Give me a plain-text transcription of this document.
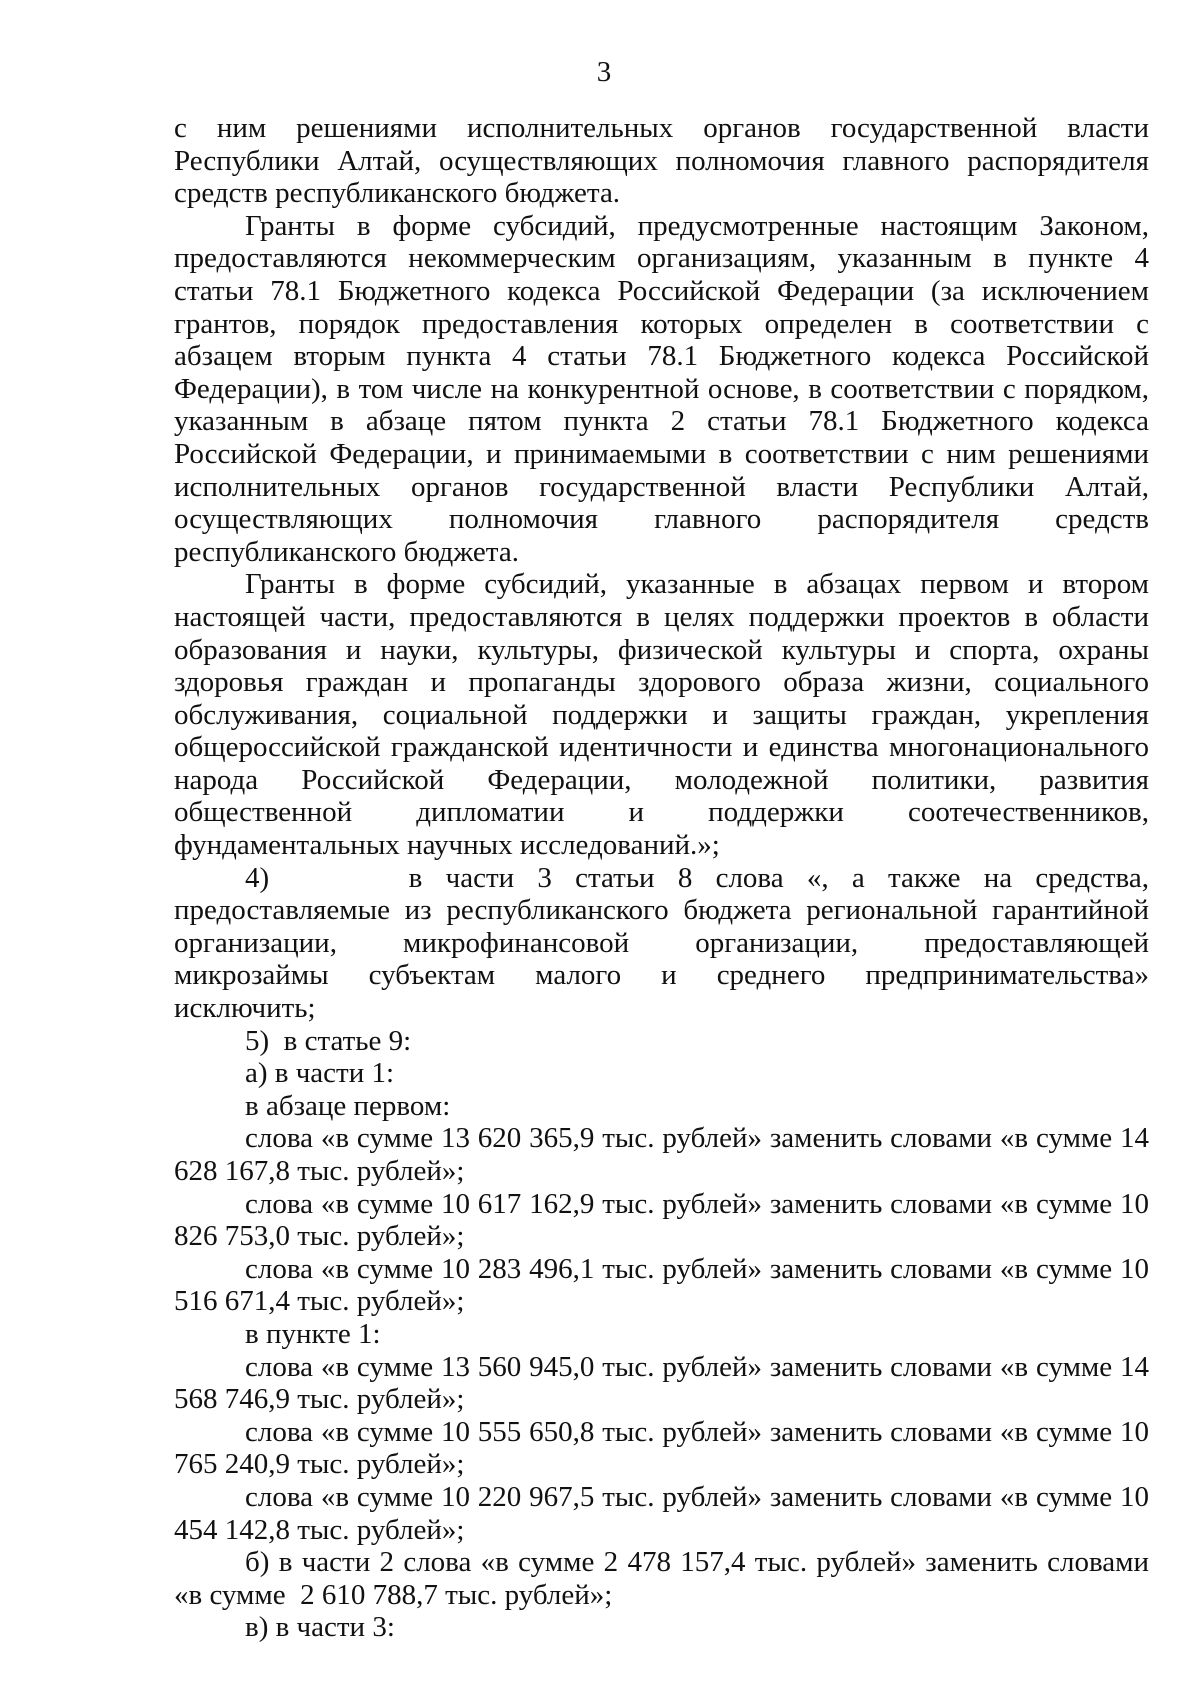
3

с ним решениями исполнительных органов государственной власти Республики Алтай, осуществляющих полномочия главного распорядителя средств республиканского бюджета.

Гранты в форме субсидий, предусмотренные настоящим Законом, предоставляются некоммерческим организациям, указанным в пункте 4 статьи 78.1 Бюджетного кодекса Российской Федерации (за исключением грантов, порядок предоставления которых определен в соответствии с абзацем вторым пункта 4 статьи 78.1 Бюджетного кодекса Российской Федерации), в том числе на конкурентной основе, в соответствии с порядком, указанным в абзаце пятом пункта 2 статьи 78.1 Бюджетного кодекса Российской Федерации, и принимаемыми в соответствии с ним решениями исполнительных органов государственной власти Республики Алтай, осуществляющих полномочия главного распорядителя средств республиканского бюджета.

Гранты в форме субсидий, указанные в абзацах первом и втором настоящей части, предоставляются в целях поддержки проектов в области образования и науки, культуры, физической культуры и спорта, охраны здоровья граждан и пропаганды здорового образа жизни, социального обслуживания, социальной поддержки и защиты граждан, укрепления общероссийской гражданской идентичности и единства многонационального народа Российской Федерации, молодежной политики, развития общественной дипломатии и поддержки соотечественников, фундаментальных научных исследований.»;

4)      в части 3 статьи 8 слова «, а также на средства, предоставляемые из республиканского бюджета региональной гарантийной организации, микрофинансовой организации, предоставляющей микрозаймы субъектам малого и среднего предпринимательства» исключить;

5)  в статье 9:

а) в части 1:

в абзаце первом:

слова «в сумме 13 620 365,9 тыс. рублей» заменить словами «в сумме 14 628 167,8 тыс. рублей»;

слова «в сумме 10 617 162,9 тыс. рублей» заменить словами «в сумме 10 826 753,0 тыс. рублей»;

слова «в сумме 10 283 496,1 тыс. рублей» заменить словами «в сумме 10 516 671,4 тыс. рублей»;

в пункте 1:

слова «в сумме 13 560 945,0 тыс. рублей» заменить словами «в сумме 14 568 746,9 тыс. рублей»;

слова «в сумме 10 555 650,8 тыс. рублей» заменить словами «в сумме 10 765 240,9 тыс. рублей»;

слова «в сумме 10 220 967,5 тыс. рублей» заменить словами «в сумме 10 454 142,8 тыс. рублей»;

б) в части 2 слова «в сумме 2 478 157,4 тыс. рублей» заменить словами «в сумме  2 610 788,7 тыс. рублей»;

в) в части 3:
